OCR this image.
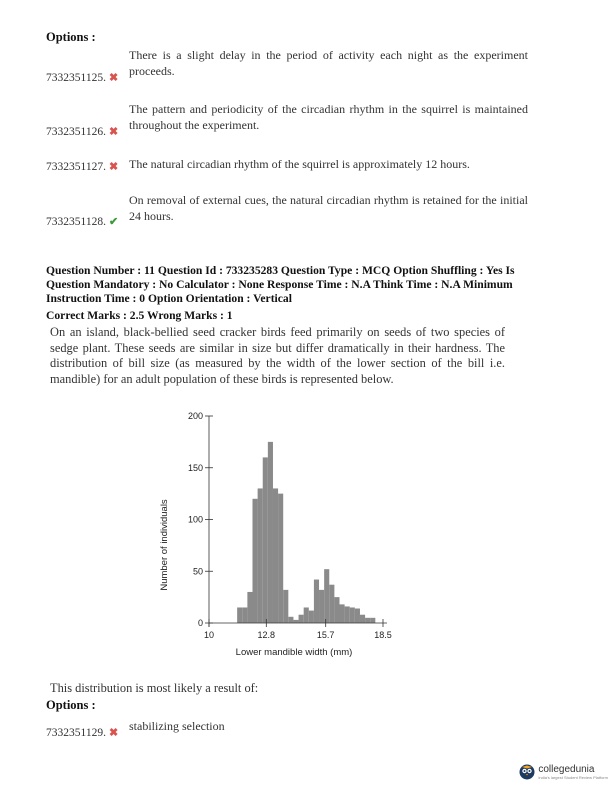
Options :
There is a slight delay in the period of activity each night as the experiment proceeds.
7332351125. ✖
The pattern and periodicity of the circadian rhythm in the squirrel is maintained throughout the experiment.
7332351126. ✖
The natural circadian rhythm of the squirrel is approximately 12 hours.
7332351127. ✖
On removal of external cues, the natural circadian rhythm is retained for the initial 24 hours.
7332351128. ✔
Question Number : 11 Question Id : 733235283 Question Type : MCQ Option Shuffling : Yes Is
Question Mandatory : No Calculator : None Response Time : N.A Think Time : N.A Minimum
Instruction Time : 0 Option Orientation : Vertical
Correct Marks : 2.5 Wrong Marks : 1
On an island, black-bellied seed cracker birds feed primarily on seeds of two species of sedge plant. These seeds are similar in size but differ dramatically in their hardness. The distribution of bill size (as measured by the width of the lower section of the bill i.e. mandible) for an adult population of these birds is represented below.
Number of individuals
Lower mandible width (mm)
0
50
100
150
200
10	12.8	15.7	18.5
This distribution is most likely a result of:
Options :
stabilizing selection
7332351129. ✖
collegedunia
India's largest Student Review Platform
